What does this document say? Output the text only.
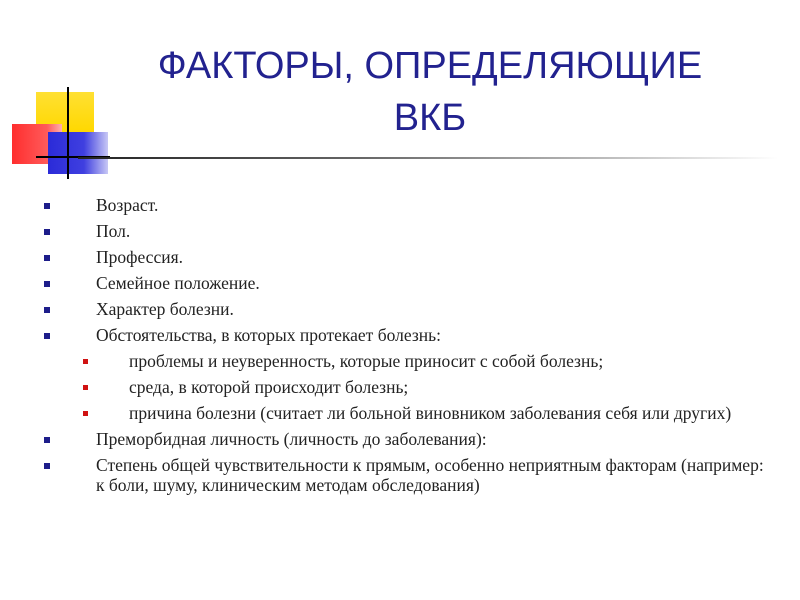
ФАКТОРЫ, ОПРЕДЕЛЯЮЩИЕ
ВКБ
Возраст.
Пол.
Профессия.
Семейное положение.
Характер болезни.
Обстоятельства, в которых протекает болезнь:
проблемы и неуверенность, которые приносит с собой болезнь;
среда, в которой происходит болезнь;
причина болезни (считает ли больной виновником заболевания себя или других)
Преморбидная личность (личность до заболевания):
Степень общей чувствительности к прямым, особенно неприятным факторам (например: к боли, шуму, клиническим методам обследования)
